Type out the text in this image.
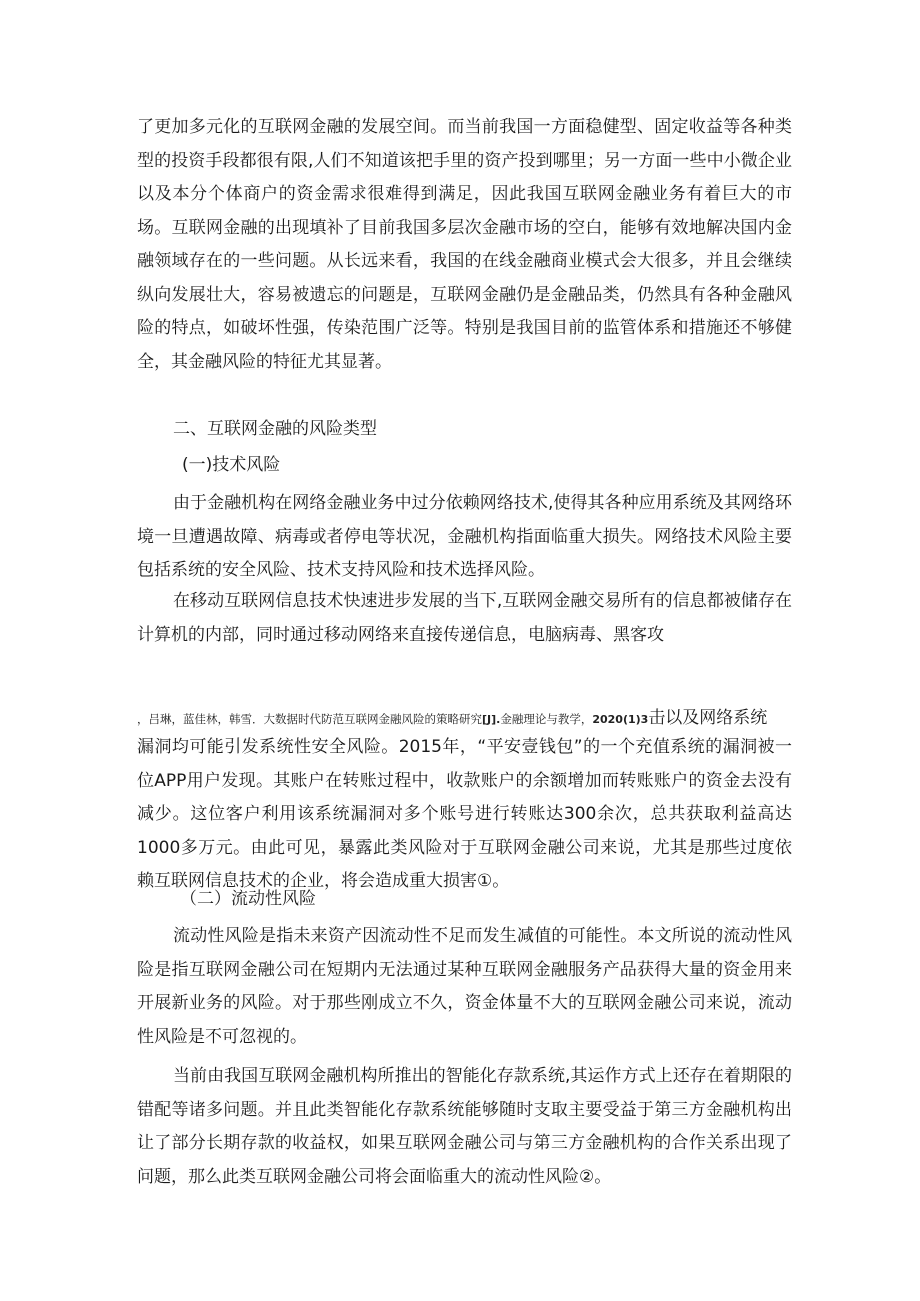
了更加多元化的互联网金融的发展空间。而当前我国一方面稳健型、固定收益等各种类型的投资手段都很有限,人们不知道该把手里的资产投到哪里；另一方面一些中小微企业以及本分个体商户的资金需求很难得到满足，因此我国互联网金融业务有着巨大的市场。互联网金融的出现填补了目前我国多层次金融市场的空白，能够有效地解决国内金融领域存在的一些问题。从长远来看，我国的在线金融商业模式会大很多，并且会继续纵向发展壮大，容易被遗忘的问题是，互联网金融仍是金融品类，仍然具有各种金融风险的特点，如破坏性强，传染范围广泛等。特别是我国目前的监管体系和措施还不够健全，其金融风险的特征尤其显著。

二、互联网金融的风险类型

(一)技术风险

由于金融机构在网络金融业务中过分依赖网络技术,使得其各种应用系统及其网络环境一旦遭遇故障、病毒或者停电等状况，金融机构指面临重大损失。网络技术风险主要包括系统的安全风险、技术支持风险和技术选择风险。

在移动互联网信息技术快速进步发展的当下,互联网金融交易所有的信息都被储存在计算机的内部，同时通过移动网络来直接传递信息，电脑病毒、黑客攻

，吕琳，蓝佳林，韩雪．大数据时代防范互联网金融风险的策略研究[J].金融理论与教学，2020(1)3击以及网络系统

漏洞均可能引发系统性安全风险。2015年，“平安壹钱包”的一个充值系统的漏洞被一位APP用户发现。其账户在转账过程中，收款账户的余额增加而转账账户的资金去没有减少。这位客户利用该系统漏洞对多个账号进行转账达300余次，总共获取利益高达1000多万元。由此可见，暴露此类风险对于互联网金融公司来说，尤其是那些过度依赖互联网信息技术的企业，将会造成重大损害①。

（二）流动性风险

流动性风险是指未来资产因流动性不足而发生减值的可能性。本文所说的流动性风险是指互联网金融公司在短期内无法通过某种互联网金融服务产品获得大量的资金用来开展新业务的风险。对于那些刚成立不久，资金体量不大的互联网金融公司来说，流动性风险是不可忽视的。

当前由我国互联网金融机构所推出的智能化存款系统,其运作方式上还存在着期限的错配等诸多问题。并且此类智能化存款系统能够随时支取主要受益于第三方金融机构出让了部分长期存款的收益权，如果互联网金融公司与第三方金融机构的合作关系出现了问题，那么此类互联网金融公司将会面临重大的流动性风险②。
